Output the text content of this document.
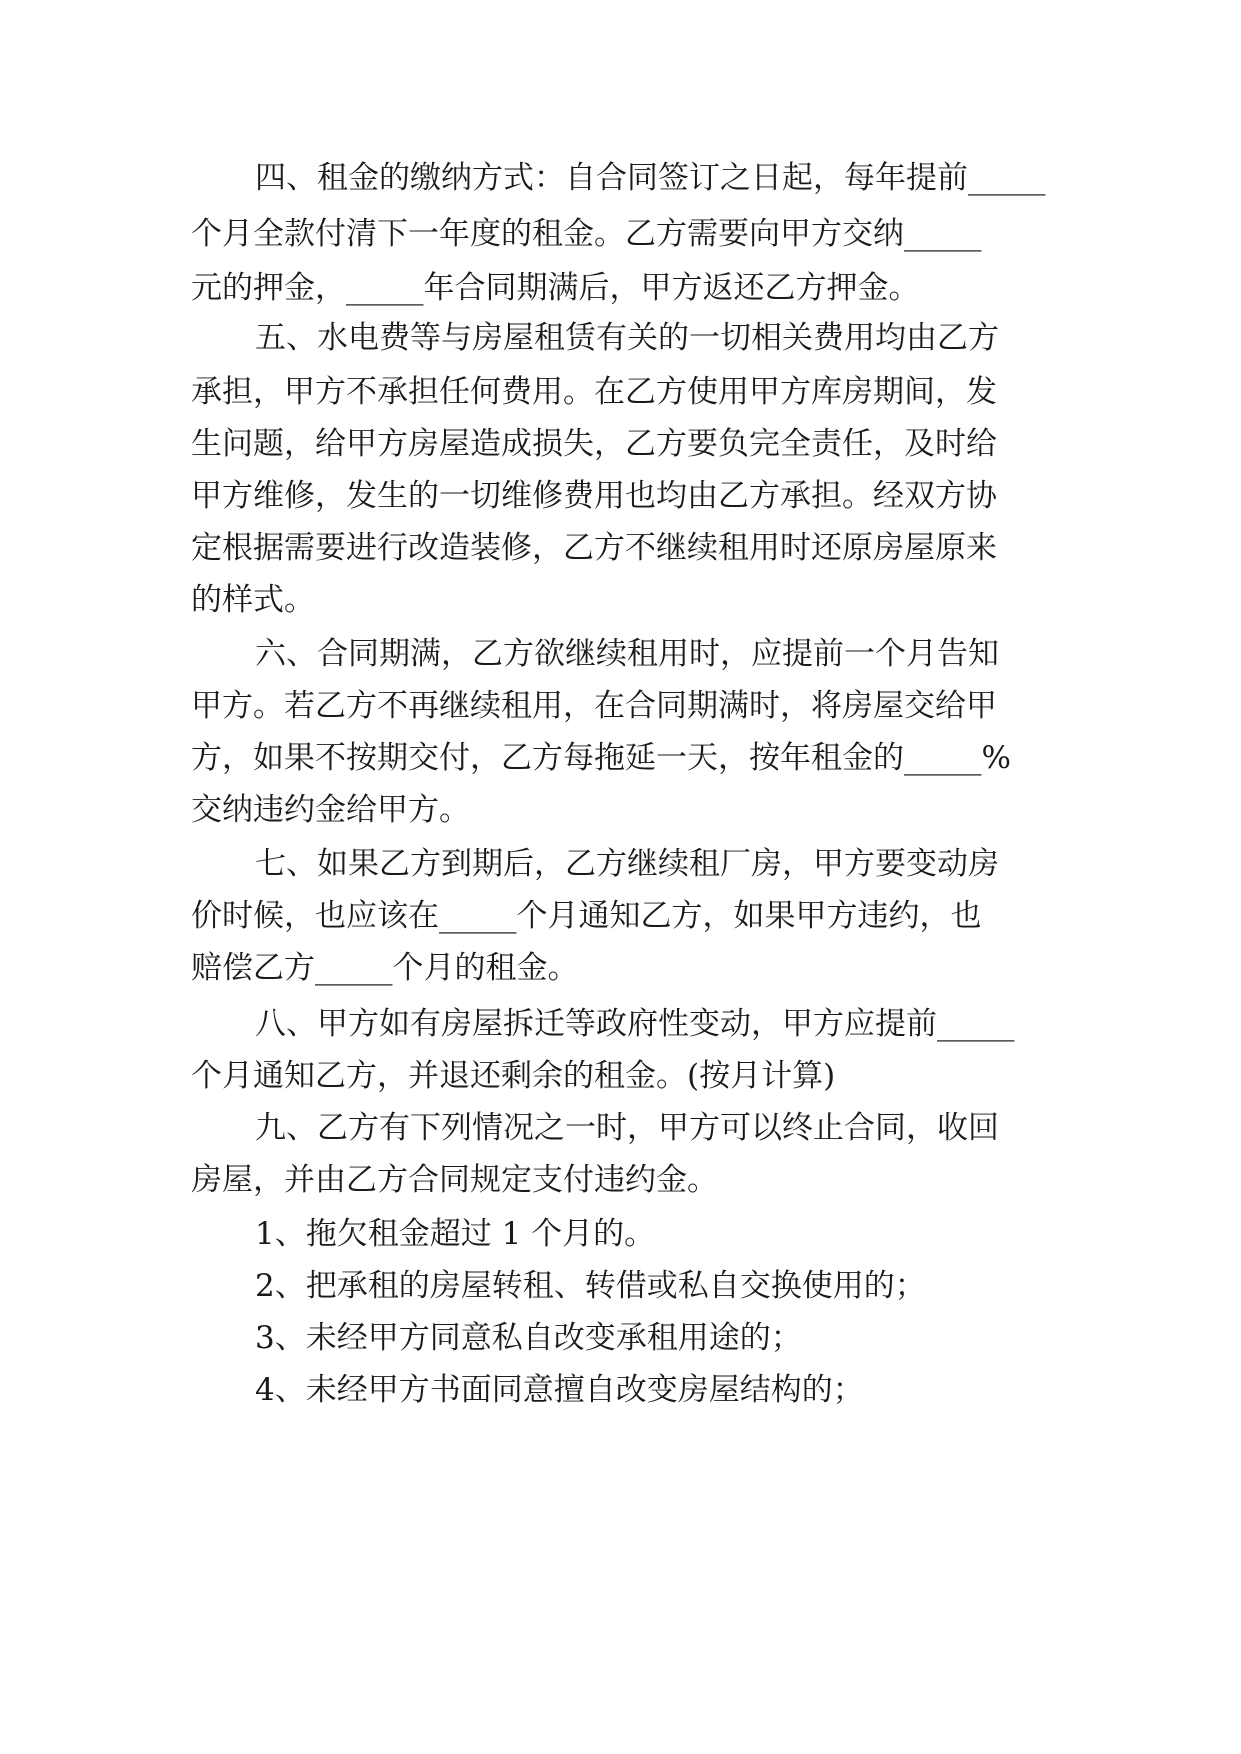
四、租金的缴纳方式：自合同签订之日起，每年提前_____
个月全款付清下一年度的租金。乙方需要向甲方交纳_____
元的押金，_____年合同期满后，甲方返还乙方押金。
五、水电费等与房屋租赁有关的一切相关费用均由乙方
承担，甲方不承担任何费用。在乙方使用甲方库房期间，发
生问题，给甲方房屋造成损失，乙方要负完全责任，及时给
甲方维修，发生的一切维修费用也均由乙方承担。经双方协
定根据需要进行改造装修，乙方不继续租用时还原房屋原来
的样式。
六、合同期满，乙方欲继续租用时，应提前一个月告知
甲方。若乙方不再继续租用，在合同期满时，将房屋交给甲
方，如果不按期交付，乙方每拖延一天，按年租金的_____%
交纳违约金给甲方。
七、如果乙方到期后，乙方继续租厂房，甲方要变动房
价时候，也应该在_____个月通知乙方，如果甲方违约，也
赔偿乙方_____个月的租金。
八、甲方如有房屋拆迁等政府性变动，甲方应提前_____
个月通知乙方，并退还剩余的租金。(按月计算)
九、乙方有下列情况之一时，甲方可以终止合同，收回
房屋，并由乙方合同规定支付违约金。
1、拖欠租金超过 1 个月的。
2、把承租的房屋转租、转借或私自交换使用的；
3、未经甲方同意私自改变承租用途的；
4、未经甲方书面同意擅自改变房屋结构的；
